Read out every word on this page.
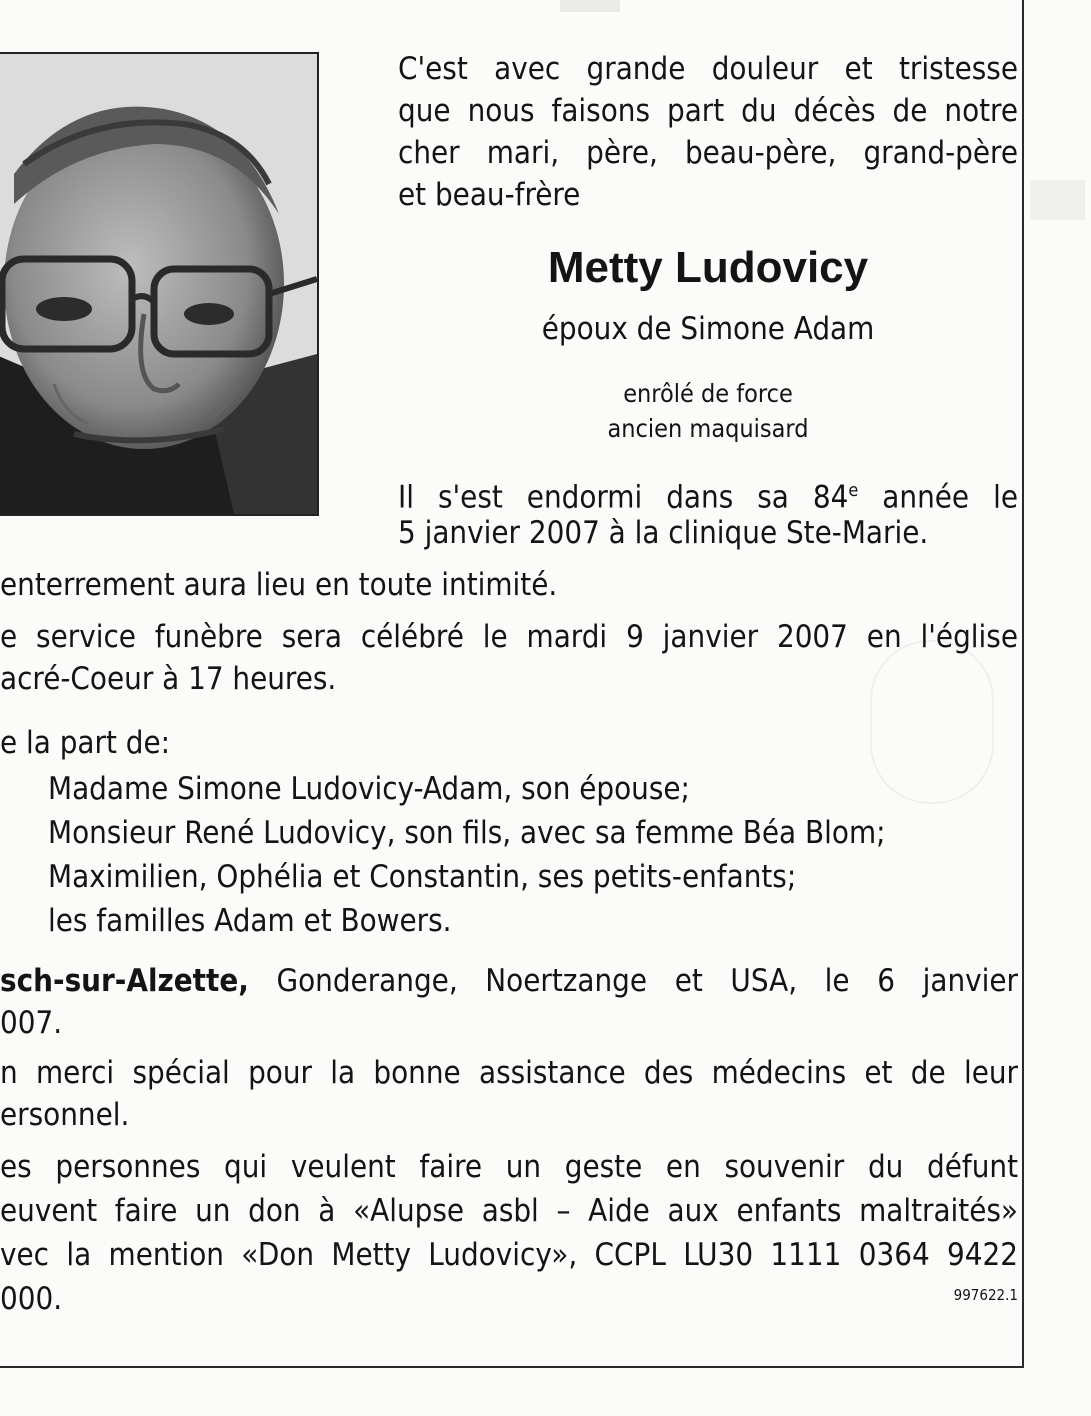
C'est avec grande douleur et tristesse
que nous faisons part du décès de notre
cher mari, père, beau-père, grand-père
et beau-frère
Metty Ludovicy
époux de Simone Adam
enrôlé de force
ancien maquisard
Il s'est endormi dans sa 84e année le
5 janvier 2007 à la clinique Ste-Marie.
enterrement aura lieu en toute intimité.
e service funèbre sera célébré le mardi 9 janvier 2007 en l'église
acré-Coeur à 17 heures.
e la part de:
Madame Simone Ludovicy-Adam, son épouse;
Monsieur René Ludovicy, son fils, avec sa femme Béa Blom;
Maximilien, Ophélia et Constantin, ses petits-enfants;
les familles Adam et Bowers.
sch-sur-Alzette, Gonderange, Noertzange et USA, le 6 janvier
007.
n merci spécial pour la bonne assistance des médecins et de leur
ersonnel.
es personnes qui veulent faire un geste en souvenir du défunt
euvent faire un don à «Alupse asbl – Aide aux enfants maltraités»
vec la mention «Don Metty Ludovicy», CCPL LU30 1111 0364 9422
000.	997622.1
